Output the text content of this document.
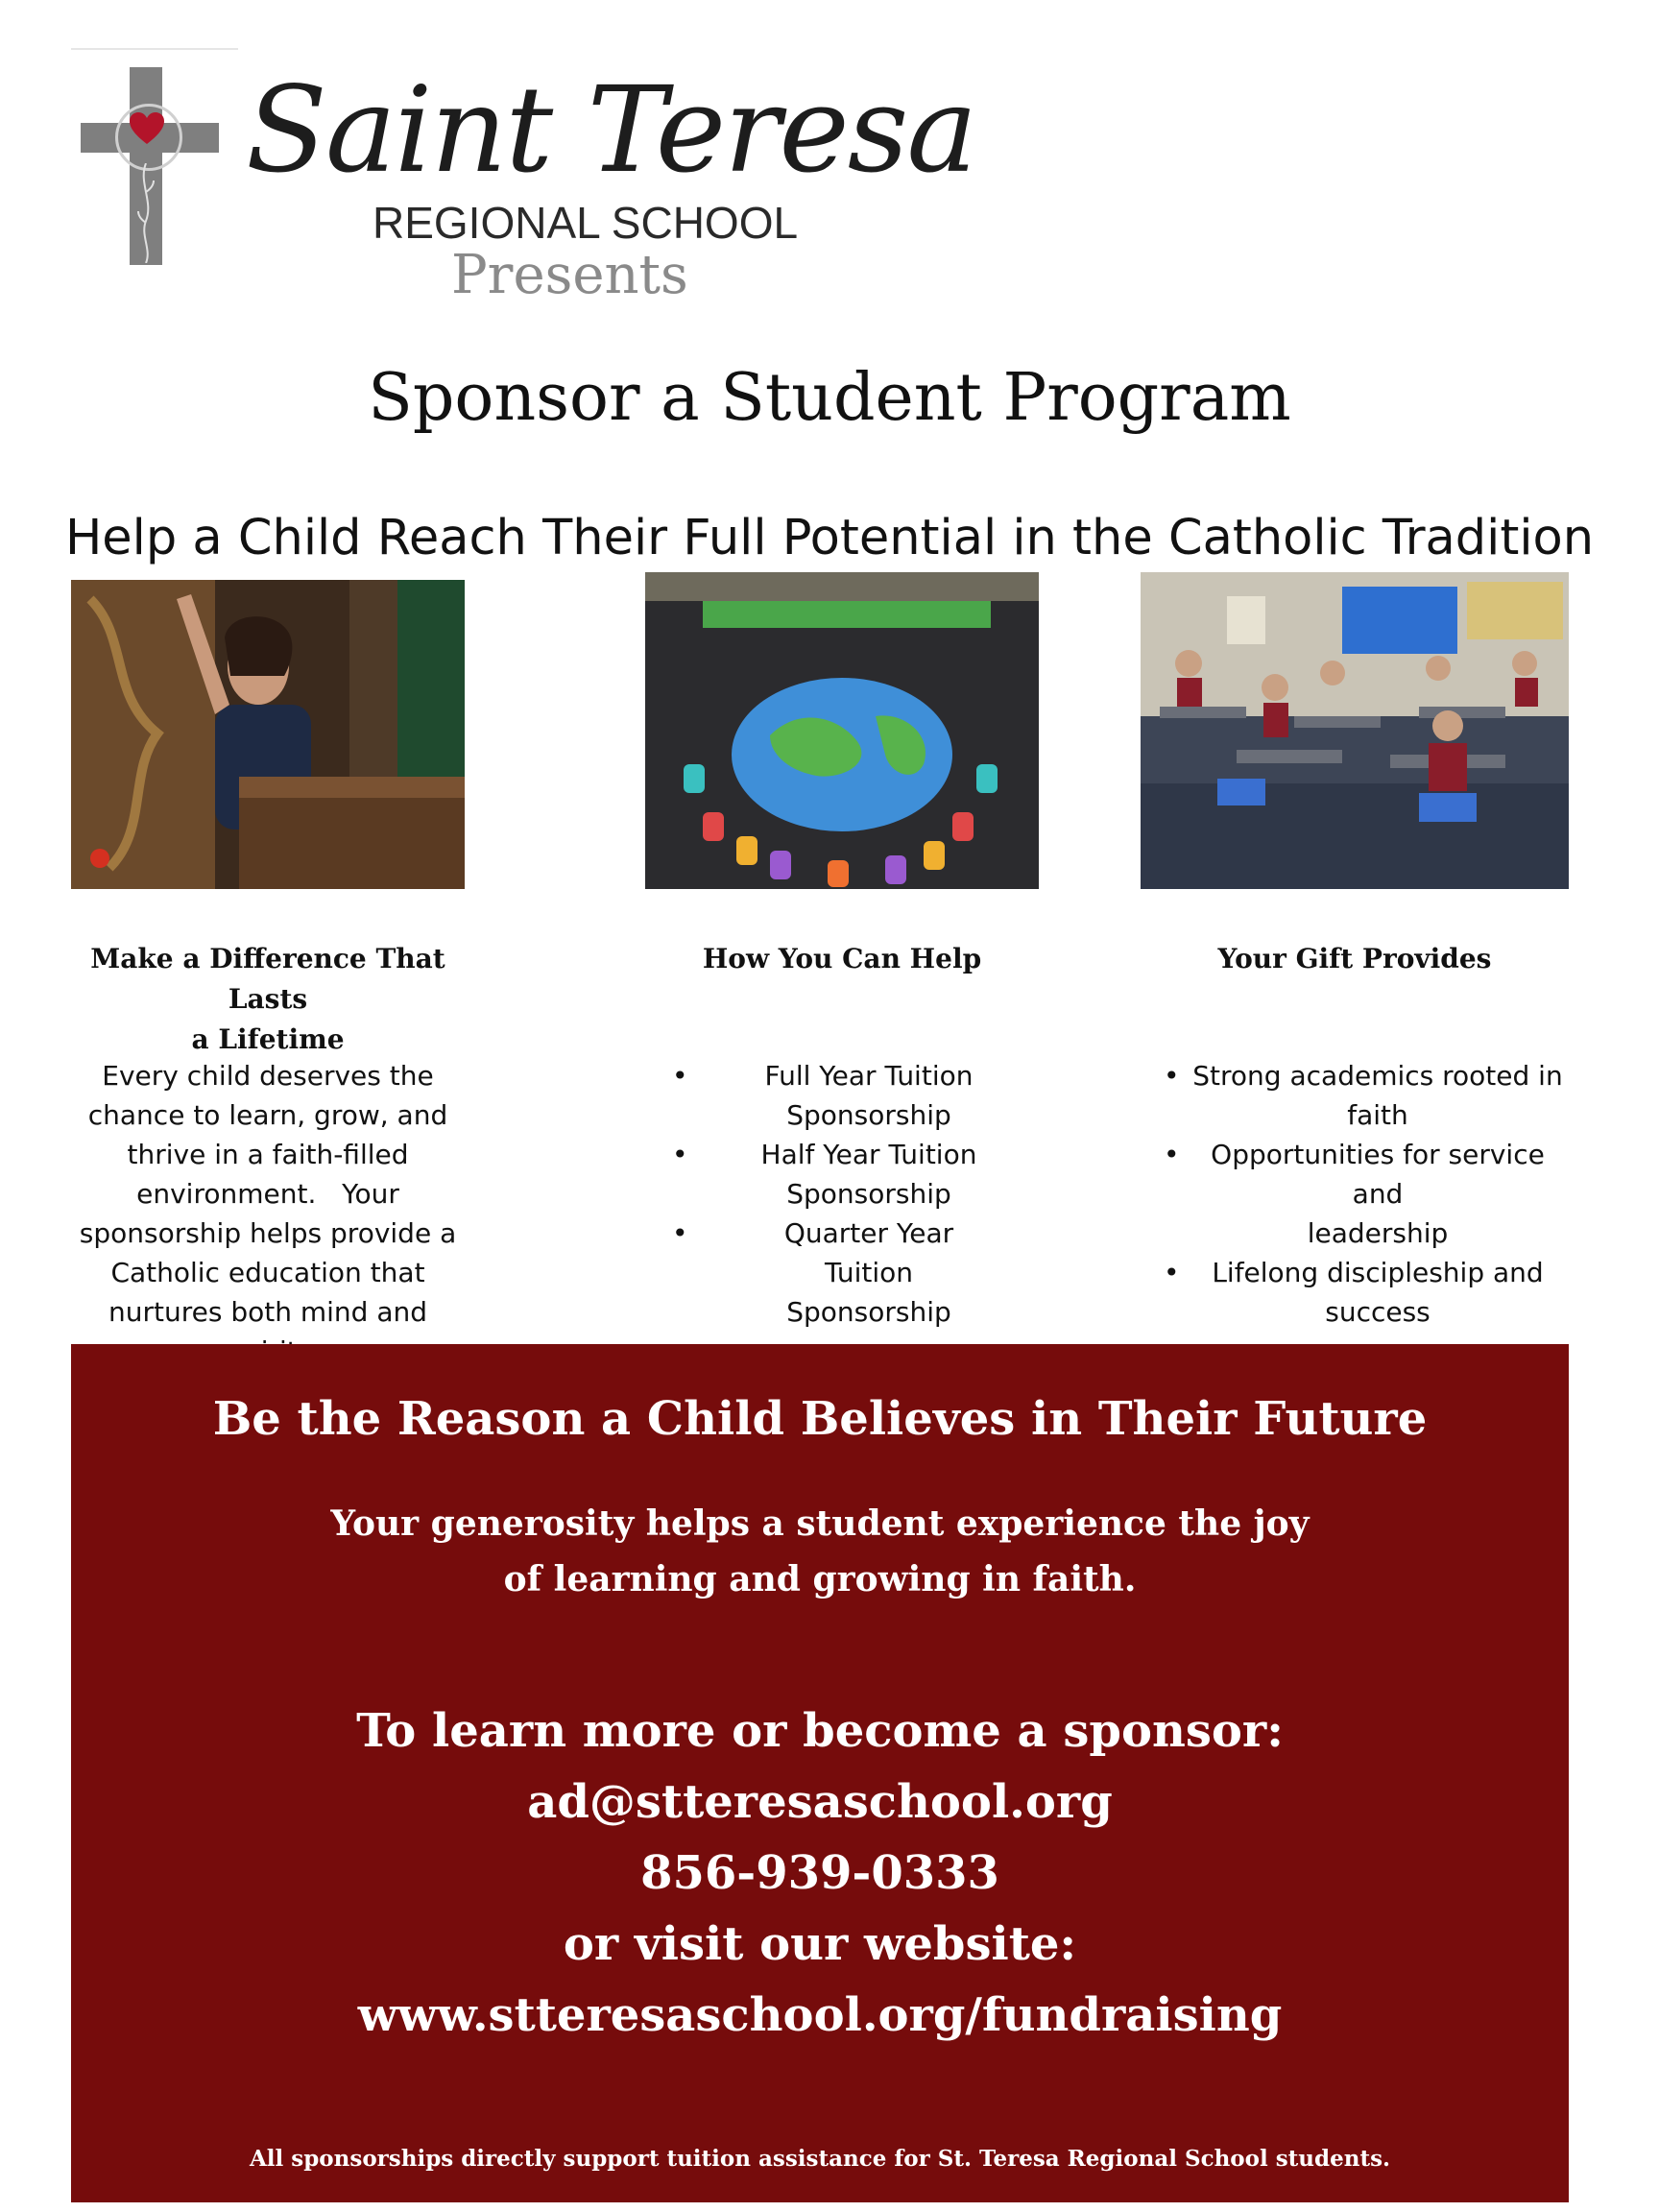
Saint Teresa
REGIONAL SCHOOL
Presents
Sponsor a Student Program
Help a Child Reach Their Full Potential in the Catholic Tradition
Make a Difference That Lasts
a Lifetime
How You Can Help	Your Gift Provides
Every child deserves the
chance to learn, grow, and
thrive in a faith-filled
environment.   Your
sponsorship helps provide a
Catholic education that
nurtures both mind and
•	Full Year Tuition
Sponsorship
•	Half Year Tuition
Sponsorship
•	Quarter Year Tuition
Sponsorship
• Strong academics rooted in
faith
•	Opportunities for service and
leadership
•	Lifelong discipleship and
success
Be the Reason a Child Believes in Their Future
Your generosity helps a student experience the joy
of learning and growing in faith.
To learn more or become a sponsor:
ad@stteresaschool.org
856-939-0333
or visit our website:
www.stteresaschool.org/fundraising
All sponsorships directly support tuition assistance for St. Teresa Regional School students.
